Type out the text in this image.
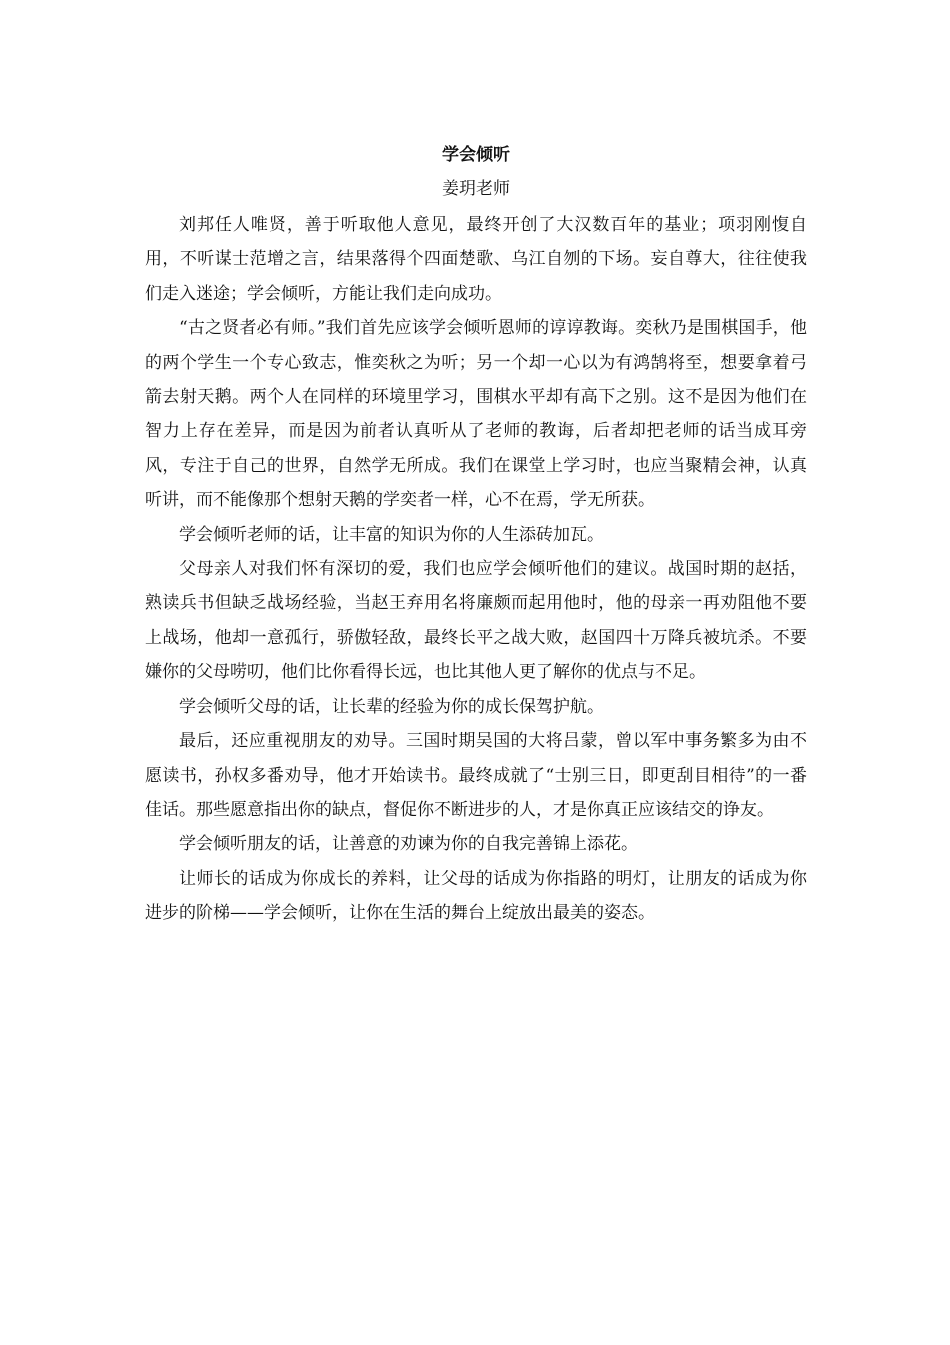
学会倾听
姜玥老师

刘邦任人唯贤，善于听取他人意见，最终开创了大汉数百年的基业；项羽刚愎自用，不听谋士范增之言，结果落得个四面楚歌、乌江自刎的下场。妄自尊大，往往使我们走入迷途；学会倾听，方能让我们走向成功。

“古之贤者必有师。”我们首先应该学会倾听恩师的谆谆教诲。奕秋乃是围棋国手，他的两个学生一个专心致志，惟奕秋之为听；另一个却一心以为有鸿鹄将至，想要拿着弓箭去射天鹅。两个人在同样的环境里学习，围棋水平却有高下之别。这不是因为他们在智力上存在差异，而是因为前者认真听从了老师的教诲，后者却把老师的话当成耳旁风，专注于自己的世界，自然学无所成。我们在课堂上学习时，也应当聚精会神，认真听讲，而不能像那个想射天鹅的学奕者一样，心不在焉，学无所获。

学会倾听老师的话，让丰富的知识为你的人生添砖加瓦。

父母亲人对我们怀有深切的爱，我们也应学会倾听他们的建议。战国时期的赵括，熟读兵书但缺乏战场经验，当赵王弃用名将廉颇而起用他时，他的母亲一再劝阻他不要上战场，他却一意孤行，骄傲轻敌，最终长平之战大败，赵国四十万降兵被坑杀。不要嫌你的父母唠叨，他们比你看得长远，也比其他人更了解你的优点与不足。

学会倾听父母的话，让长辈的经验为你的成长保驾护航。

最后，还应重视朋友的劝导。三国时期吴国的大将吕蒙，曾以军中事务繁多为由不愿读书，孙权多番劝导，他才开始读书。最终成就了“士别三日，即更刮目相待”的一番佳话。那些愿意指出你的缺点，督促你不断进步的人，才是你真正应该结交的诤友。

学会倾听朋友的话，让善意的劝谏为你的自我完善锦上添花。

让师长的话成为你成长的养料，让父母的话成为你指路的明灯，让朋友的话成为你进步的阶梯——学会倾听，让你在生活的舞台上绽放出最美的姿态。
